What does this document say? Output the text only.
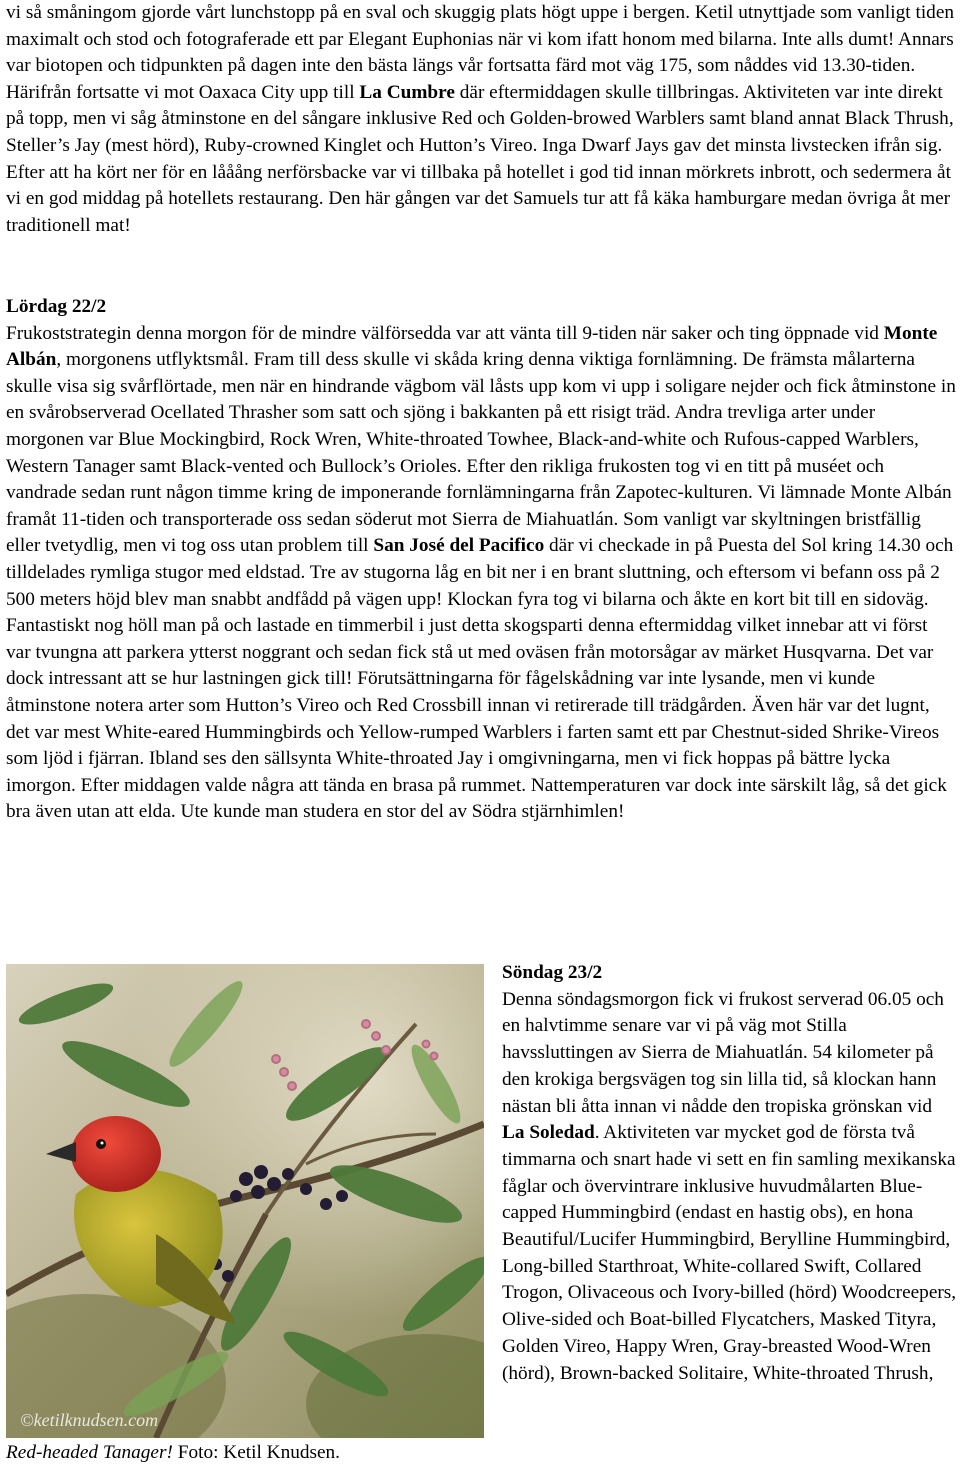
vi så småningom gjorde vårt lunchstopp på en sval och skuggig plats högt uppe i bergen. Ketil utnyttjade som vanligt tiden maximalt och stod och fotograferade ett par Elegant Euphonias när vi kom ifatt honom med bilarna. Inte alls dumt! Annars var biotopen och tidpunkten på dagen inte den bästa längs vår fortsatta färd mot väg 175, som nåddes vid 13.30-tiden. Härifrån fortsatte vi mot Oaxaca City upp till La Cumbre där eftermiddagen skulle tillbringas. Aktiviteten var inte direkt på topp, men vi såg åtminstone en del sångare inklusive Red och Golden-browed Warblers samt bland annat Black Thrush, Steller’s Jay (mest hörd), Ruby-crowned Kinglet och Hutton’s Vireo. Inga Dwarf Jays gav det minsta livstecken ifrån sig. Efter att ha kört ner för en lååång nerförsbacke var vi tillbaka på hotellet i god tid innan mörkrets inbrott, och sedermera åt vi en god middag på hotellets restaurang. Den här gången var det Samuels tur att få käka hamburgare medan övriga åt mer traditionell mat!
Lördag 22/2
Frukoststrategin denna morgon för de mindre välförsedda var att vänta till 9-tiden när saker och ting öppnade vid Monte Albán, morgonens utflyktsmål. Fram till dess skulle vi skåda kring denna viktiga fornlämning. De främsta målarterna skulle visa sig svårflörtade, men när en hindrande vägbom väl låsts upp kom vi upp i soligare nejder och fick åtminstone in en svårobserverad Ocellated Thrasher som satt och sjöng i bakkanten på ett risigt träd. Andra trevliga arter under morgonen var Blue Mockingbird, Rock Wren, White-throated Towhee, Black-and-white och Rufous-capped Warblers, Western Tanager samt Black-vented och Bullock’s Orioles. Efter den rikliga frukosten tog vi en titt på muséet och vandrade sedan runt någon timme kring de imponerande fornlämningarna från Zapotec-kulturen. Vi lämnade Monte Albán framåt 11-tiden och transporterade oss sedan söderut mot Sierra de Miahuatlán. Som vanligt var skyltningen bristfällig eller tvetydlig, men vi tog oss utan problem till San José del Pacifico där vi checkade in på Puesta del Sol kring 14.30 och tilldelades rymliga stugor med eldstad. Tre av stugorna låg en bit ner i en brant sluttning, och eftersom vi befann oss på 2 500 meters höjd blev man snabbt andfådd på vägen upp! Klockan fyra tog vi bilarna och åkte en kort bit till en sidoväg. Fantastiskt nog höll man på och lastade en timmerbil i just detta skogsparti denna eftermiddag vilket innebar att vi först var tvungna att parkera ytterst noggrant och sedan fick stå ut med oväsen från motorsågar av märket Husqvarna. Det var dock intressant att se hur lastningen gick till! Förutsättningarna för fågelskådning var inte lysande, men vi kunde åtminstone notera arter som Hutton’s Vireo och Red Crossbill innan vi retirerade till trädgården. Även här var det lugnt, det var mest White-eared Hummingbirds och Yellow-rumped Warblers i farten samt ett par Chestnut-sided Shrike-Vireos som ljöd i fjärran. Ibland ses den sällsynta White-throated Jay i omgivningarna, men vi fick hoppas på bättre lycka imorgon. Efter middagen valde några att tända en brasa på rummet. Nattemperaturen var dock inte särskilt låg, så det gick bra även utan att elda. Ute kunde man studera en stor del av Södra stjärnhimlen!
©ketilknudsen.com
Red-headed Tanager! Foto: Ketil Knudsen.
Söndag 23/2
Denna söndagsmorgon fick vi frukost serverad 06.05 och en halvtimme senare var vi på väg mot Stilla havssluttingen av Sierra de Miahuatlán. 54 kilometer på den krokiga bergsvägen tog sin lilla tid, så klockan hann nästan bli åtta innan vi nådde den tropiska grönskan vid La Soledad. Aktiviteten var mycket god de första två timmarna och snart hade vi sett en fin samling mexikanska fåglar och övervintrare inklusive huvudmålarten Blue-capped Hummingbird (endast en hastig obs), en hona Beautiful/Lucifer Hummingbird, Berylline Hummingbird, Long-billed Starthroat, White-collared Swift, Collared Trogon, Olivaceous och Ivory-billed (hörd) Woodcreepers, Olive-sided och Boat-billed Flycatchers, Masked Tityra, Golden Vireo, Happy Wren, Gray-breasted Wood-Wren (hörd), Brown-backed Solitaire, White-throated Thrush,
